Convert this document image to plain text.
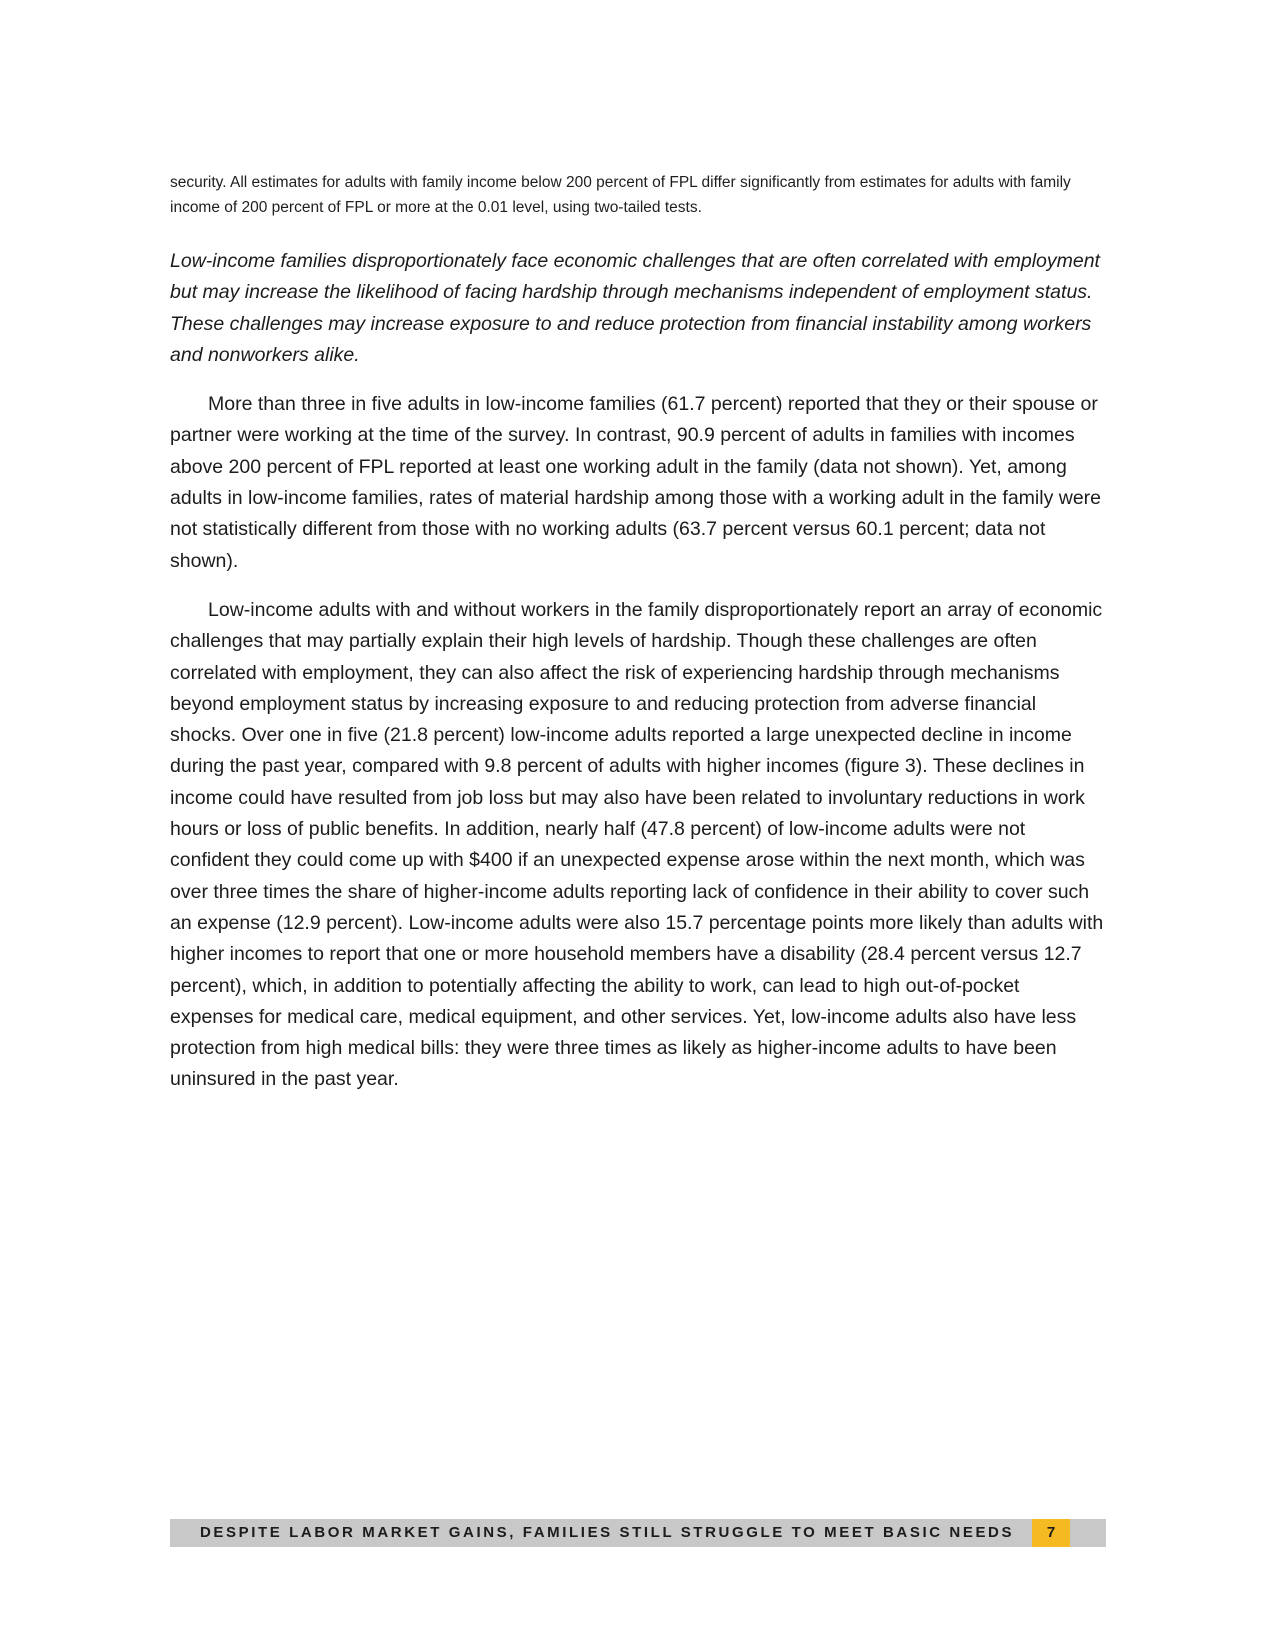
security. All estimates for adults with family income below 200 percent of FPL differ significantly from estimates for adults with family income of 200 percent of FPL or more at the 0.01 level, using two-tailed tests.

Low-income families disproportionately face economic challenges that are often correlated with employment but may increase the likelihood of facing hardship through mechanisms independent of employment status. These challenges may increase exposure to and reduce protection from financial instability among workers and nonworkers alike.

More than three in five adults in low-income families (61.7 percent) reported that they or their spouse or partner were working at the time of the survey. In contrast, 90.9 percent of adults in families with incomes above 200 percent of FPL reported at least one working adult in the family (data not shown). Yet, among adults in low-income families, rates of material hardship among those with a working adult in the family were not statistically different from those with no working adults (63.7 percent versus 60.1 percent; data not shown).

Low-income adults with and without workers in the family disproportionately report an array of economic challenges that may partially explain their high levels of hardship. Though these challenges are often correlated with employment, they can also affect the risk of experiencing hardship through mechanisms beyond employment status by increasing exposure to and reducing protection from adverse financial shocks. Over one in five (21.8 percent) low-income adults reported a large unexpected decline in income during the past year, compared with 9.8 percent of adults with higher incomes (figure 3). These declines in income could have resulted from job loss but may also have been related to involuntary reductions in work hours or loss of public benefits. In addition, nearly half (47.8 percent) of low-income adults were not confident they could come up with $400 if an unexpected expense arose within the next month, which was over three times the share of higher-income adults reporting lack of confidence in their ability to cover such an expense (12.9 percent). Low-income adults were also 15.7 percentage points more likely than adults with higher incomes to report that one or more household members have a disability (28.4 percent versus 12.7 percent), which, in addition to potentially affecting the ability to work, can lead to high out-of-pocket expenses for medical care, medical equipment, and other services. Yet, low-income adults also have less protection from high medical bills: they were three times as likely as higher-income adults to have been uninsured in the past year.

DESPITE LABOR MARKET GAINS, FAMILIES STILL STRUGGLE TO MEET BASIC NEEDS	7
